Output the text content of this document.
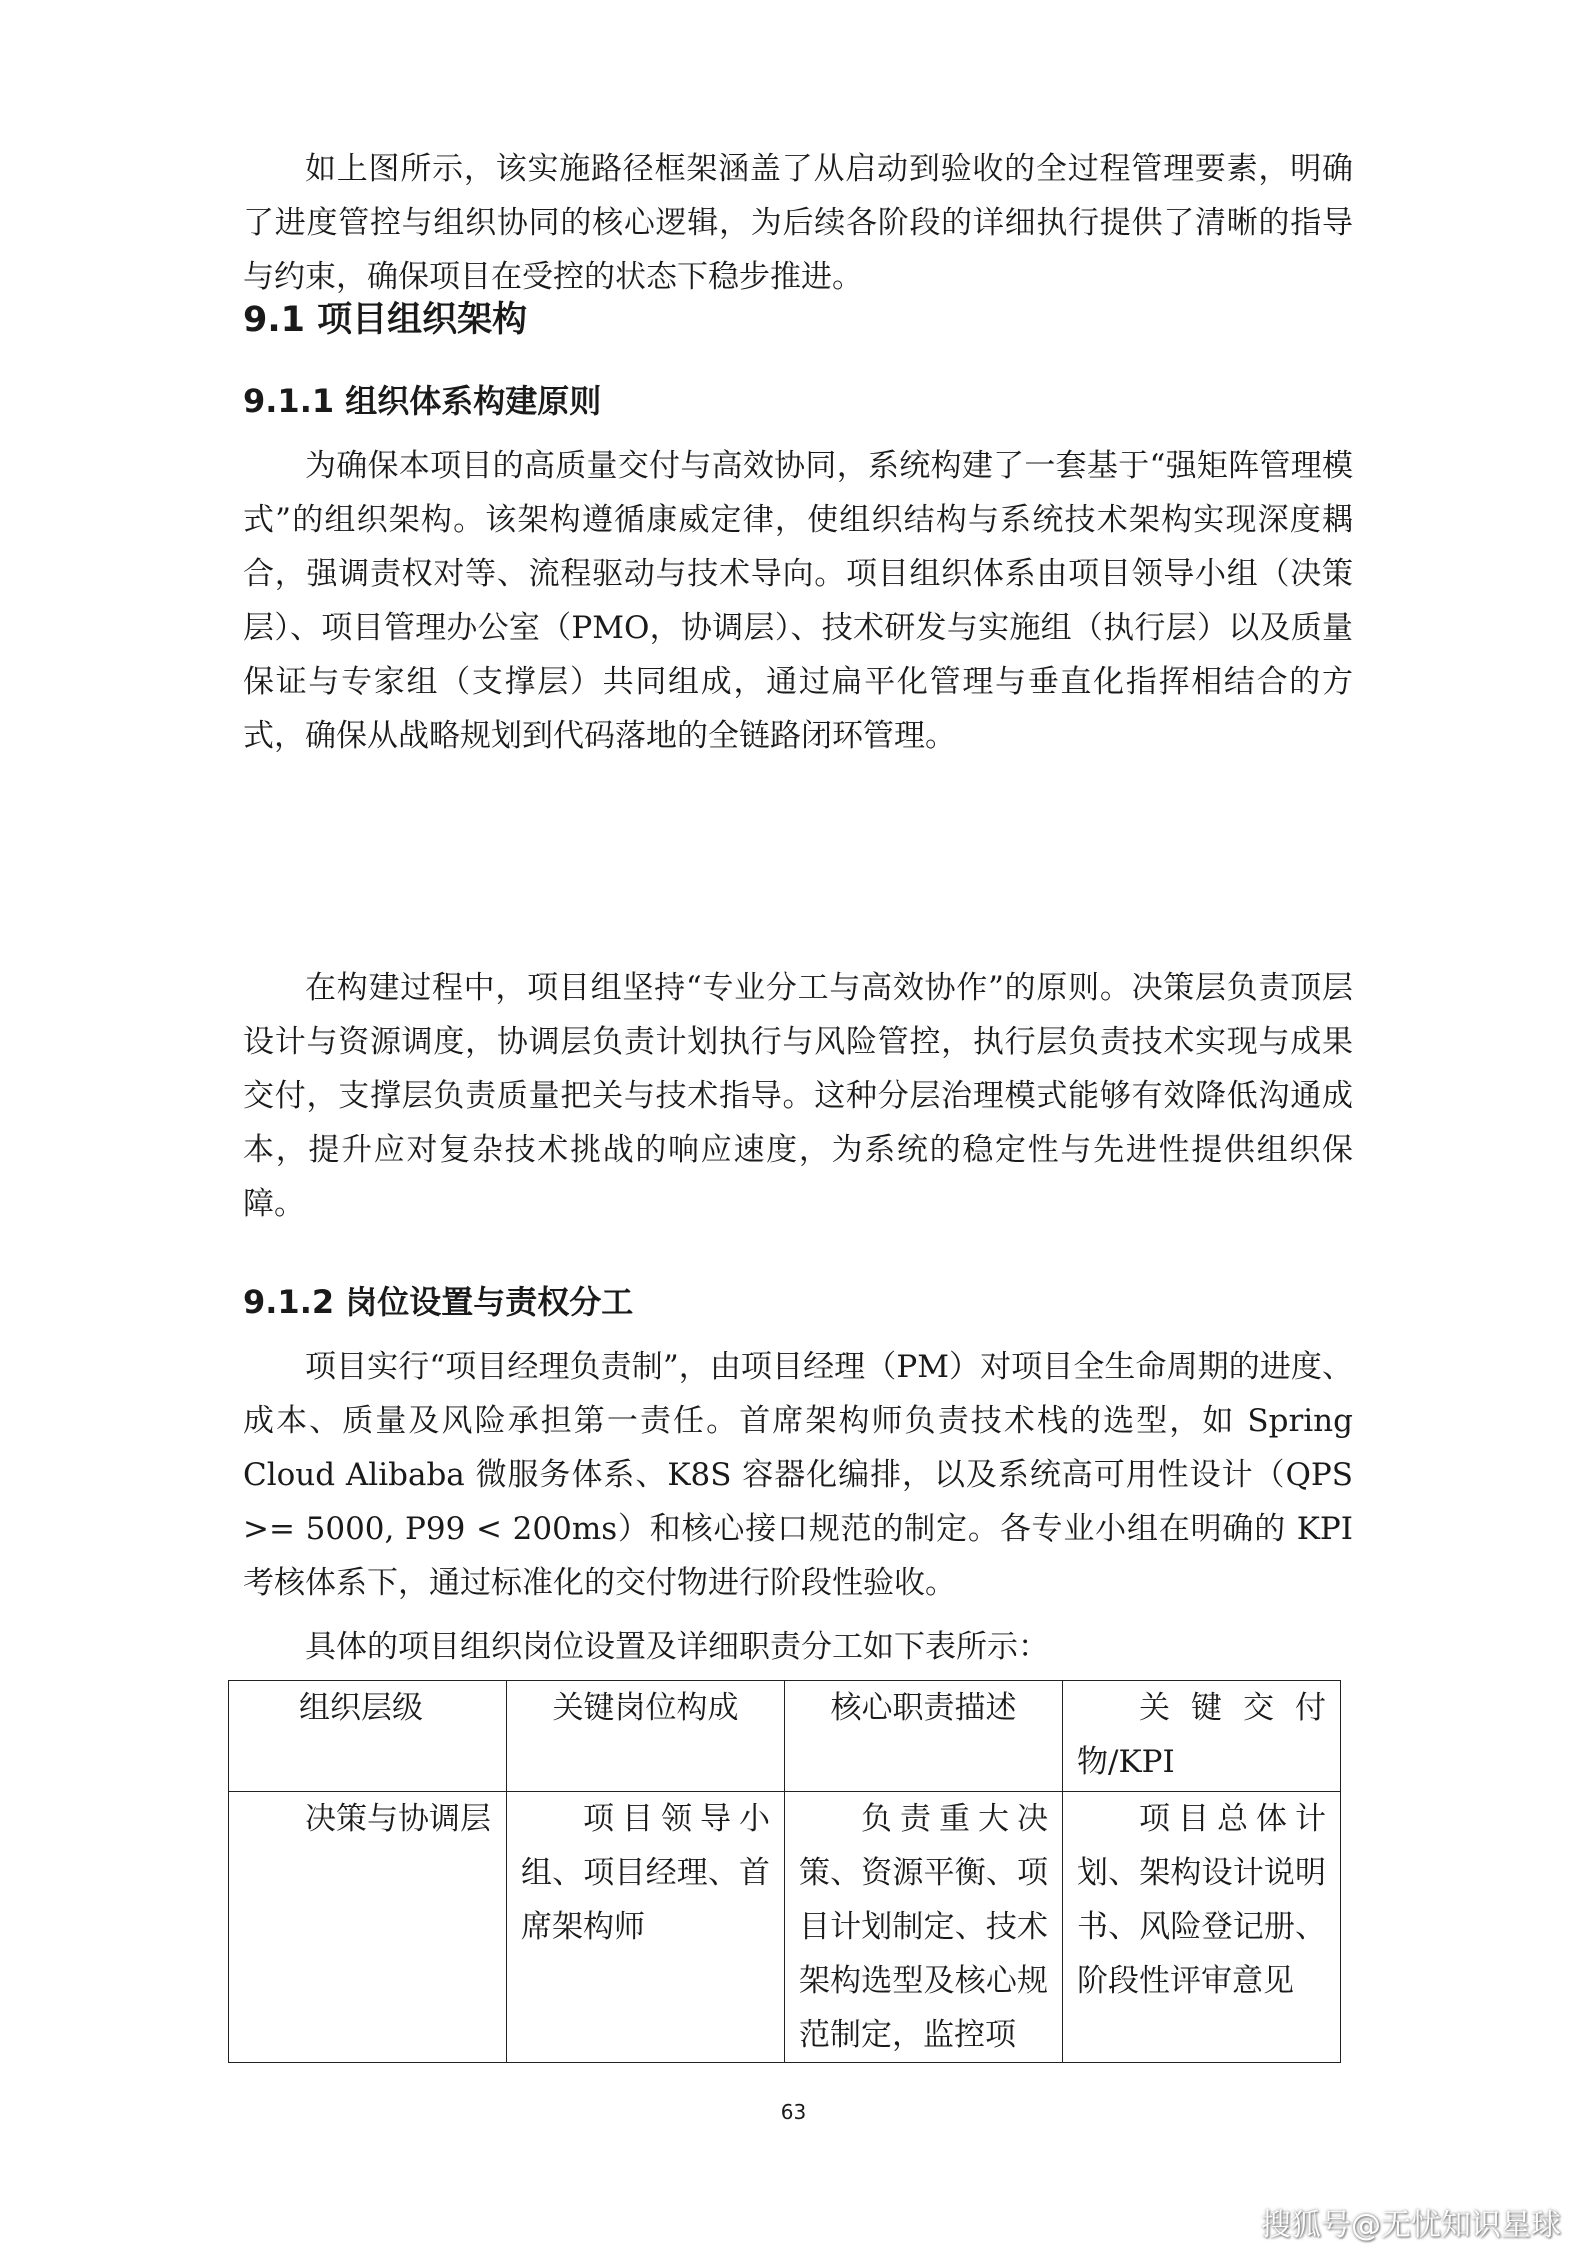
如上图所示，该实施路径框架涵盖了从启动到验收的全过程管理要素，明确了进度管控与组织协同的核心逻辑，为后续各阶段的详细执行提供了清晰的指导与约束，确保项目在受控的状态下稳步推进。

9.1 项目组织架构
9.1.1 组织体系构建原则

为确保本项目的高质量交付与高效协同，系统构建了一套基于“强矩阵管理模式”的组织架构。该架构遵循康威定律，使组织结构与系统技术架构实现深度耦合，强调责权对等、流程驱动与技术导向。项目组织体系由项目领导小组（决策层）、项目管理办公室（PMO，协调层）、技术研发与实施组（执行层）以及质量保证与专家组（支撑层）共同组成，通过扁平化管理与垂直化指挥相结合的方式，确保从战略规划到代码落地的全链路闭环管理。

在构建过程中，项目组坚持“专业分工与高效协作”的原则。决策层负责顶层设计与资源调度，协调层负责计划执行与风险管控，执行层负责技术实现与成果交付，支撑层负责质量把关与技术指导。这种分层治理模式能够有效降低沟通成本，提升应对复杂技术挑战的响应速度，为系统的稳定性与先进性提供组织保障。

9.1.2 岗位设置与责权分工

项目实行“项目经理负责制”，由项目经理（PM）对项目全生命周期的进度、成本、质量及风险承担第一责任。首席架构师负责技术栈的选型，如 Spring Cloud Alibaba 微服务体系、K8S 容器化编排，以及系统高可用性设计（QPS >= 5000, P99 < 200ms）和核心接口规范的制定。各专业小组在明确的 KPI 考核体系下，通过标准化的交付物进行阶段性验收。

具体的项目组织岗位设置及详细职责分工如下表所示：

组织层级	关键岗位构成	核心职责描述	关键交付物/KPI
决策与协调层	项目领导小组、项目经理、首席架构师	负责重大决策、资源平衡、项目计划制定、技术架构选型及核心规范制定，监控项	项目总体计划、架构设计说明书、风险登记册、阶段性评审意见
63
搜狐号@无忧知识星球
